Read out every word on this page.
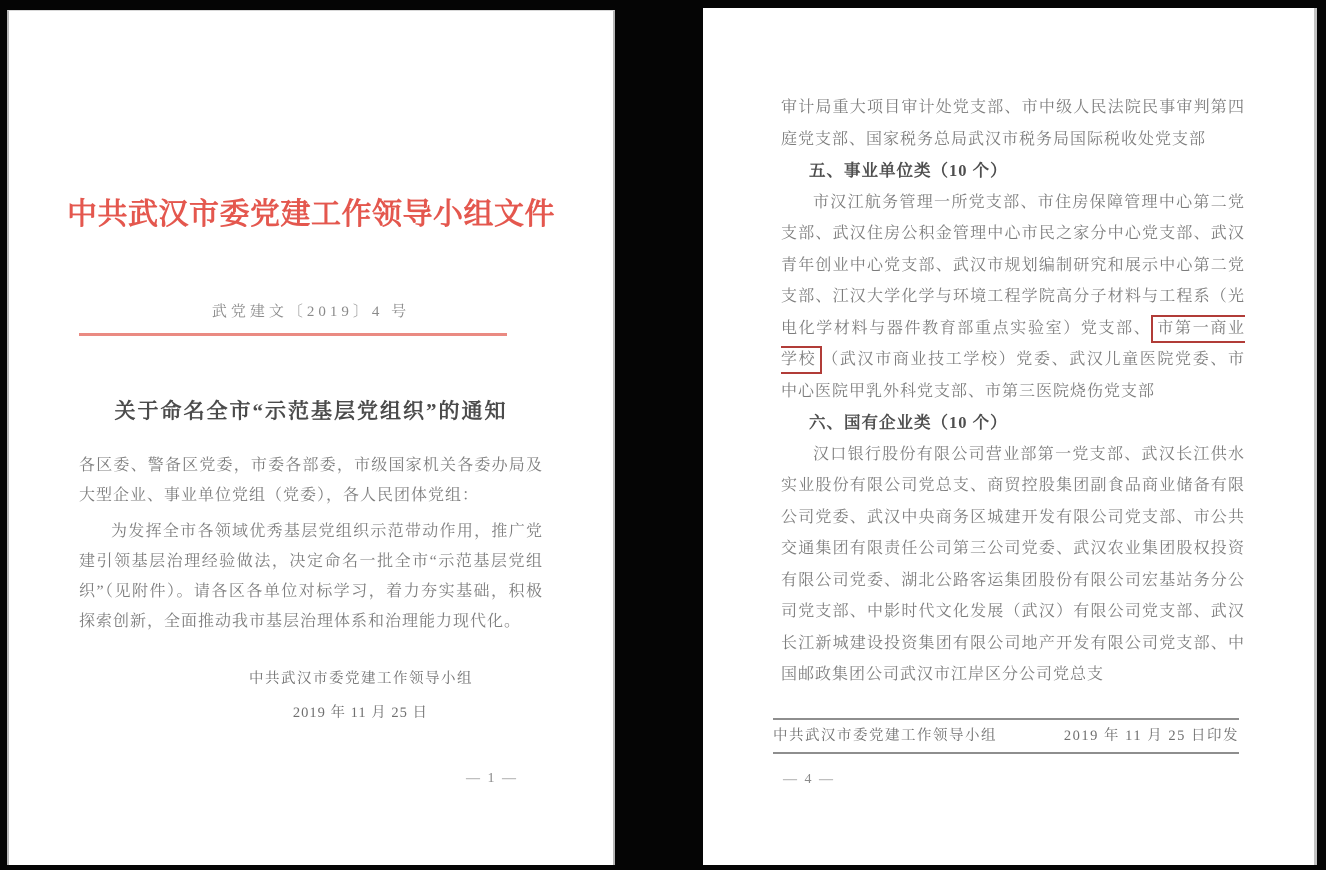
中共武汉市委党建工作领导小组文件
武党建文〔2019〕4 号
关于命名全市“示范基层党组织”的通知

各区委、警备区党委，市委各部委，市级国家机关各委办局及大型企业、事业单位党组（党委），各人民团体党组：

为发挥全市各领域优秀基层党组织示范带动作用，推广党建引领基层治理经验做法，决定命名一批全市“示范基层党组织”（见附件）。请各区各单位对标学习，着力夯实基础，积极探索创新，全面推动我市基层治理体系和治理能力现代化。

中共武汉市委党建工作领导小组
2019 年 11 月 25 日
— 1 —

审计局重大项目审计处党支部、市中级人民法院民事审判第四庭党支部、国家税务总局武汉市税务局国际税收处党支部

五、事业单位类（10 个）

市汉江航务管理一所党支部、市住房保障管理中心第二党支部、武汉住房公积金管理中心市民之家分中心党支部、武汉青年创业中心党支部、武汉市规划编制研究和展示中心第二党支部、江汉大学化学与环境工程学院高分子材料与工程系（光电化学材料与器件教育部重点实验室）党支部、 市第一商业学校 （武汉市商业技工学校）党委、武汉儿童医院党委、市中心医院甲乳外科党支部、市第三医院烧伤党支部

六、国有企业类（10 个）

汉口银行股份有限公司营业部第一党支部、武汉长江供水实业股份有限公司党总支、商贸控股集团副食品商业储备有限公司党委、武汉中央商务区城建开发有限公司党支部、市公共交通集团有限责任公司第三公司党委、武汉农业集团股权投资有限公司党委、湖北公路客运集团股份有限公司宏基站务分公司党支部、中影时代文化发展（武汉）有限公司党支部、武汉长江新城建设投资集团有限公司地产开发有限公司党支部、中国邮政集团公司武汉市江岸区分公司党总支

中共武汉市委党建工作领导小组	2019 年 11 月 25 日印发
— 4 —
